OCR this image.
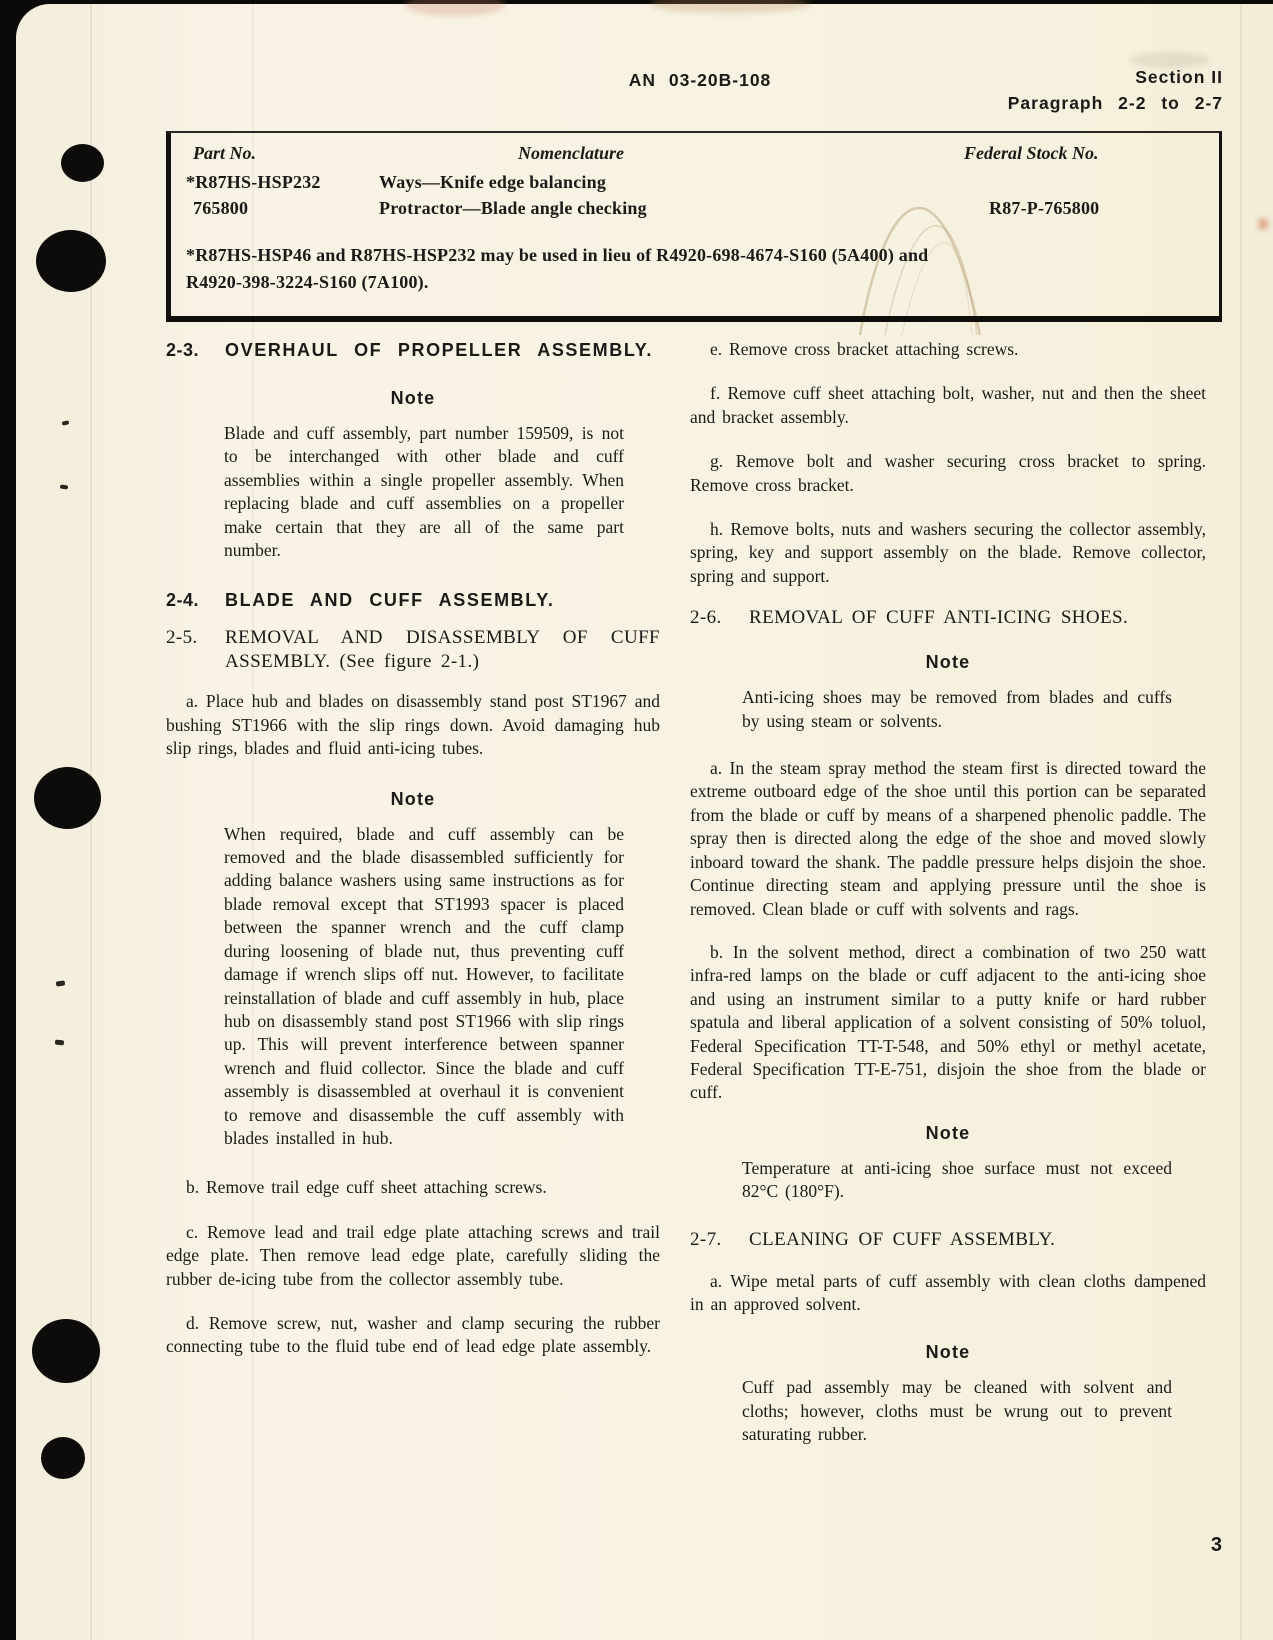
AN 03-20B-108	Section II
Paragraph 2-2 to 2-7
Part No.	Nomenclature	Federal Stock No.
*R87HS-HSP232	Ways—Knife edge balancing
765800	Protractor—Blade angle checking	R87-P-765800
*R87HS-HSP46 and R87HS-HSP232 may be used in lieu of R4920-698-4674-S160 (5A400) and
R4920-398-3224-S160 (7A100).
2-3.	OVERHAUL OF PROPELLER ASSEMBLY.
Note
Blade and cuff assembly, part number 159509, is not to be interchanged with other blade and cuff assemblies within a single propeller assembly. When replacing blade and cuff assemblies on a propeller make certain that they are all of the same part number.
2-4.	BLADE AND CUFF ASSEMBLY.
2-5.	REMOVAL AND DISASSEMBLY OF CUFF ASSEMBLY. (See figure 2-1.)
a. Place hub and blades on disassembly stand post ST1967 and bushing ST1966 with the slip rings down. Avoid damaging hub slip rings, blades and fluid anti-icing tubes.
Note
When required, blade and cuff assembly can be removed and the blade disassembled sufficiently for adding balance washers using same instructions as for blade removal except that ST1993 spacer is placed between the spanner wrench and the cuff clamp during loosening of blade nut, thus preventing cuff damage if wrench slips off nut. However, to facilitate reinstallation of blade and cuff assembly in hub, place hub on disassembly stand post ST1966 with slip rings up. This will prevent interference between spanner wrench and fluid collector. Since the blade and cuff assembly is disassembled at overhaul it is convenient to remove and disassemble the cuff assembly with blades installed in hub.
b. Remove trail edge cuff sheet attaching screws.
c. Remove lead and trail edge plate attaching screws and trail edge plate. Then remove lead edge plate, carefully sliding the rubber de-icing tube from the collector assembly tube.
d. Remove screw, nut, washer and clamp securing the rubber connecting tube to the fluid tube end of lead edge plate assembly.
e. Remove cross bracket attaching screws.
f. Remove cuff sheet attaching bolt, washer, nut and then the sheet and bracket assembly.
g. Remove bolt and washer securing cross bracket to spring. Remove cross bracket.
h. Remove bolts, nuts and washers securing the collector assembly, spring, key and support assembly on the blade. Remove collector, spring and support.
2-6.	REMOVAL OF CUFF ANTI-ICING SHOES.
Note
Anti-icing shoes may be removed from blades and cuffs by using steam or solvents.
a. In the steam spray method the steam first is directed toward the extreme outboard edge of the shoe until this portion can be separated from the blade or cuff by means of a sharpened phenolic paddle. The spray then is directed along the edge of the shoe and moved slowly inboard toward the shank. The paddle pressure helps disjoin the shoe. Continue directing steam and applying pressure until the shoe is removed. Clean blade or cuff with solvents and rags.
b. In the solvent method, direct a combination of two 250 watt infra-red lamps on the blade or cuff adjacent to the anti-icing shoe and using an instrument similar to a putty knife or hard rubber spatula and liberal application of a solvent consisting of 50% toluol, Federal Specification TT-T-548, and 50% ethyl or methyl acetate, Federal Specification TT-E-751, disjoin the shoe from the blade or cuff.
Note
Temperature at anti-icing shoe surface must not exceed 82°C (180°F).
2-7.	CLEANING OF CUFF ASSEMBLY.
a. Wipe metal parts of cuff assembly with clean cloths dampened in an approved solvent.
Note
Cuff pad assembly may be cleaned with solvent and cloths; however, cloths must be wrung out to prevent saturating rubber.
3
